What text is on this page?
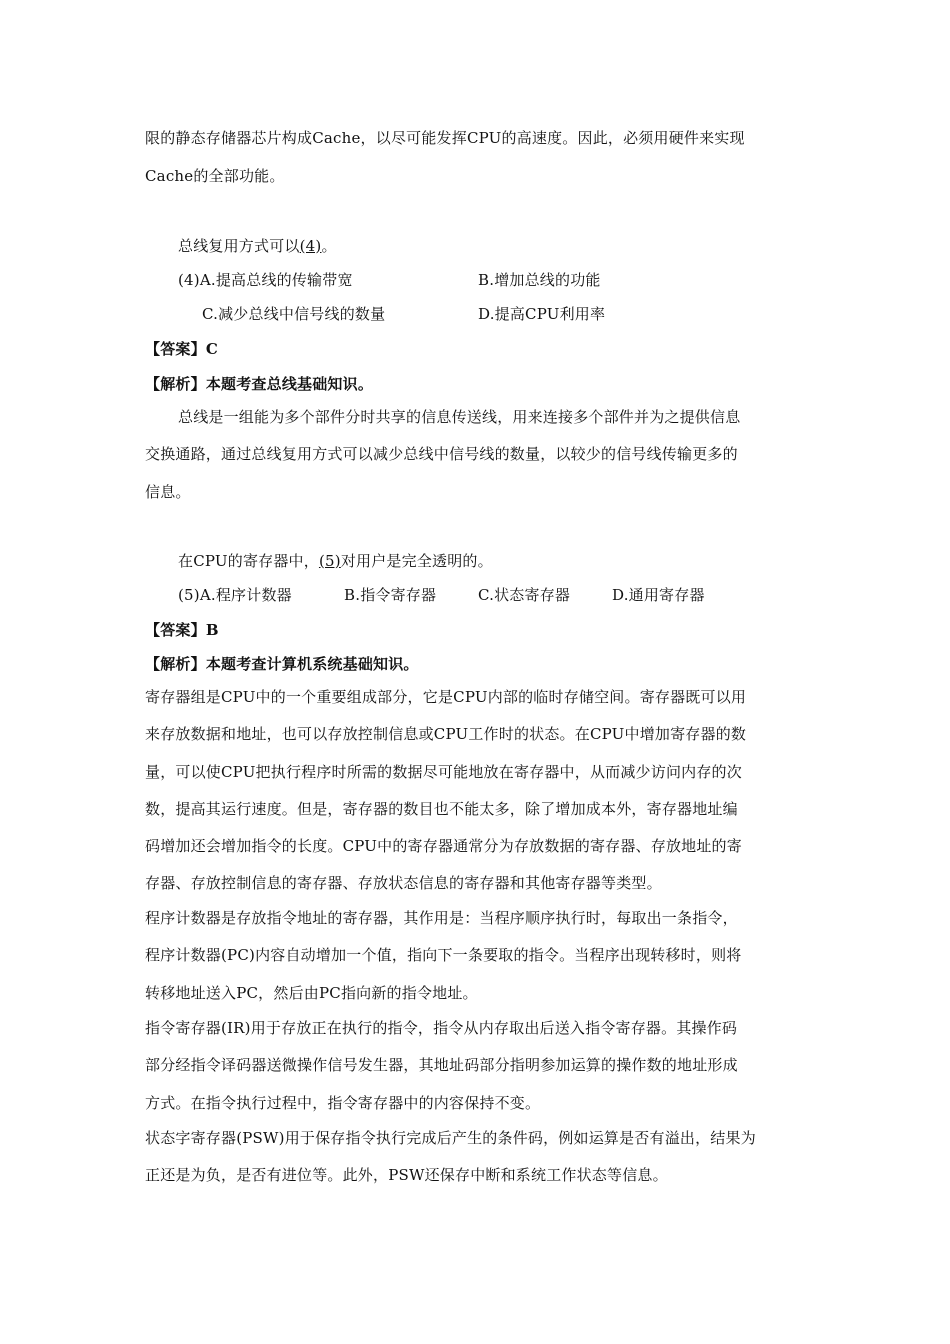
限的静态存储器芯片构成Cache，以尽可能发挥CPU的高速度。因此，必须用硬件来实现
Cache的全部功能。
总线复用方式可以(4)。
(4)A.提高总线的传输带宽	B.增加总线的功能
C.减少总线中信号线的数量	D.提高CPU利用率
【答案】C
【解析】本题考查总线基础知识。
总线是一组能为多个部件分时共享的信息传送线，用来连接多个部件并为之提供信息
交换通路，通过总线复用方式可以减少总线中信号线的数量，以较少的信号线传输更多的
信息。
在CPU的寄存器中，(5)对用户是完全透明的。
(5)A.程序计数器	B.指令寄存器	C.状态寄存器	D.通用寄存器
【答案】B
【解析】本题考查计算机系统基础知识。
寄存器组是CPU中的一个重要组成部分，它是CPU内部的临时存储空间。寄存器既可以用
来存放数据和地址，也可以存放控制信息或CPU工作时的状态。在CPU中增加寄存器的数
量，可以使CPU把执行程序时所需的数据尽可能地放在寄存器中，从而减少访问内存的次
数，提高其运行速度。但是，寄存器的数目也不能太多，除了增加成本外，寄存器地址编
码增加还会增加指令的长度。CPU中的寄存器通常分为存放数据的寄存器、存放地址的寄
存器、存放控制信息的寄存器、存放状态信息的寄存器和其他寄存器等类型。
程序计数器是存放指令地址的寄存器，其作用是：当程序顺序执行时，每取出一条指令，
程序计数器(PC)内容自动增加一个值，指向下一条要取的指令。当程序出现转移时，则将
转移地址送入PC，然后由PC指向新的指令地址。
指令寄存器(IR)用于存放正在执行的指令，指令从内存取出后送入指令寄存器。其操作码
部分经指令译码器送微操作信号发生器，其地址码部分指明参加运算的操作数的地址形成
方式。在指令执行过程中，指令寄存器中的内容保持不变。
状态字寄存器(PSW)用于保存指令执行完成后产生的条件码，例如运算是否有溢出，结果为
正还是为负，是否有进位等。此外，PSW还保存中断和系统工作状态等信息。
